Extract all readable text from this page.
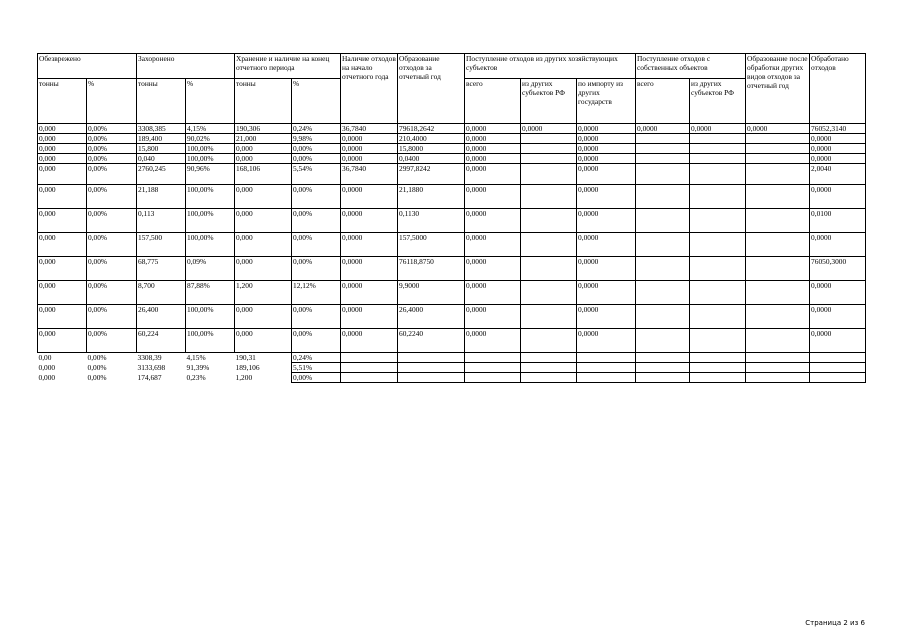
Обезврежено		Захоронено		Хранение и наличие на конец отчетного периода		Наличие отходов на начало отчетного года	Образование отходов за отчетный год	Поступление отходов из других хозяйствующих субъектов			Поступление отходов с собственных объектов		Образование после обработки других видов отходов за отчетный год	Обработано отходов
тонны	%	тонны	%	тонны	%			всего	из других субъектов РФ	по импорту из других государств	всего	из других субъектов РФ		
0,000	0,00%	3308,385	4,15%	190,306	0,24%	36,7840	79618,2642	0,0000	0,0000	0,0000	0,0000	0,0000	0,0000	76052,3140
0,000	0,00%	189,400	90,02%	21,000	9,98%	0,0000	210,4000	0,0000		0,0000				0,0000
0,000	0,00%	15,800	100,00%	0,000	0,00%	0,0000	15,8000	0,0000		0,0000				0,0000
0,000	0,00%	0,040	100,00%	0,000	0,00%	0,0000	0,0400	0,0000		0,0000				0,0000
0,000	0,00%	2760,245	90,96%	168,106	5,54%	36,7840	2997,8242	0,0000		0,0000				2,0040
0,000	0,00%	21,188	100,00%	0,000	0,00%	0,0000	21,1880	0,0000		0,0000				0,0000
0,000	0,00%	0,113	100,00%	0,000	0,00%	0,0000	0,1130	0,0000		0,0000				0,0100
0,000	0,00%	157,500	100,00%	0,000	0,00%	0,0000	157,5000	0,0000		0,0000				0,0000
0,000	0,00%	68,775	0,09%	0,000	0,00%	0,0000	76118,8750	0,0000		0,0000				76050,3000
0,000	0,00%	8,700	87,88%	1,200	12,12%	0,0000	9,9000	0,0000		0,0000				0,0000
0,000	0,00%	26,400	100,00%	0,000	0,00%	0,0000	26,4000	0,0000		0,0000				0,0000
0,000	0,00%	60,224	100,00%	0,000	0,00%	0,0000	60,2240	0,0000		0,0000				0,0000
0,00	0,00%	3308,39	4,15%	190,31	0,24%									
0,000	0,00%	3133,698	91,39%	189,106	5,51%									
0,000	0,00%	174,687	0,23%	1,200	0,00%									
Страница 2 из 6
